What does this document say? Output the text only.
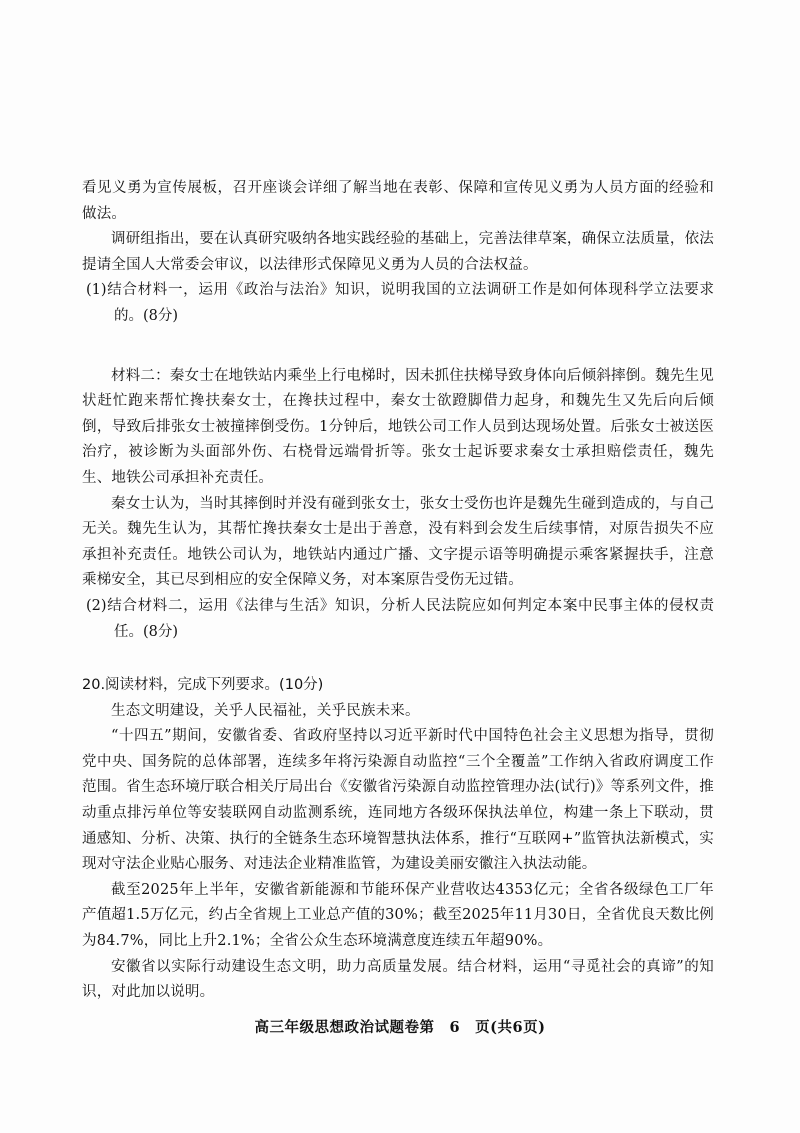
看见义勇为宣传展板，召开座谈会详细了解当地在表彰、保障和宣传见义勇为人员方面的经验和做法。

调研组指出，要在认真研究吸纳各地实践经验的基础上，完善法律草案，确保立法质量，依法提请全国人大常委会审议，以法律形式保障见义勇为人员的合法权益。

(1)结合材料一，运用《政治与法治》知识，说明我国的立法调研工作是如何体现科学立法要求的。(8分)

材料二：秦女士在地铁站内乘坐上行电梯时，因未抓住扶梯导致身体向后倾斜摔倒。魏先生见状赶忙跑来帮忙搀扶秦女士，在搀扶过程中，秦女士欲蹬脚借力起身，和魏先生又先后向后倾倒，导致后排张女士被撞摔倒受伤。1分钟后，地铁公司工作人员到达现场处置。后张女士被送医治疗，被诊断为头面部外伤、右桡骨远端骨折等。张女士起诉要求秦女士承担赔偿责任，魏先生、地铁公司承担补充责任。

秦女士认为，当时其摔倒时并没有碰到张女士，张女士受伤也许是魏先生碰到造成的，与自己无关。魏先生认为，其帮忙搀扶秦女士是出于善意，没有料到会发生后续事情，对原告损失不应承担补充责任。地铁公司认为，地铁站内通过广播、文字提示语等明确提示乘客紧握扶手，注意乘梯安全，其已尽到相应的安全保障义务，对本案原告受伤无过错。

(2)结合材料二，运用《法律与生活》知识，分析人民法院应如何判定本案中民事主体的侵权责任。(8分)

20.阅读材料，完成下列要求。(10分)

生态文明建设，关乎人民福祉，关乎民族未来。

“十四五”期间，安徽省委、省政府坚持以习近平新时代中国特色社会主义思想为指导，贯彻党中央、国务院的总体部署，连续多年将污染源自动监控“三个全覆盖”工作纳入省政府调度工作范围。省生态环境厅联合相关厅局出台《安徽省污染源自动监控管理办法(试行)》等系列文件，推动重点排污单位等安装联网自动监测系统，连同地方各级环保执法单位，构建一条上下联动，贯通感知、分析、决策、执行的全链条生态环境智慧执法体系，推行“互联网+”监管执法新模式，实现对守法企业贴心服务、对违法企业精准监管，为建设美丽安徽注入执法动能。

截至2025年上半年，安徽省新能源和节能环保产业营收达4353亿元；全省各级绿色工厂年产值超1.5万亿元，约占全省规上工业总产值的30%；截至2025年11月30日，全省优良天数比例为84.7%，同比上升2.1%；全省公众生态环境满意度连续五年超90%。

安徽省以实际行动建设生态文明，助力高质量发展。结合材料，运用“寻觅社会的真谛”的知识，对此加以说明。

高三年级思想政治试题卷第　6　页(共6页)
